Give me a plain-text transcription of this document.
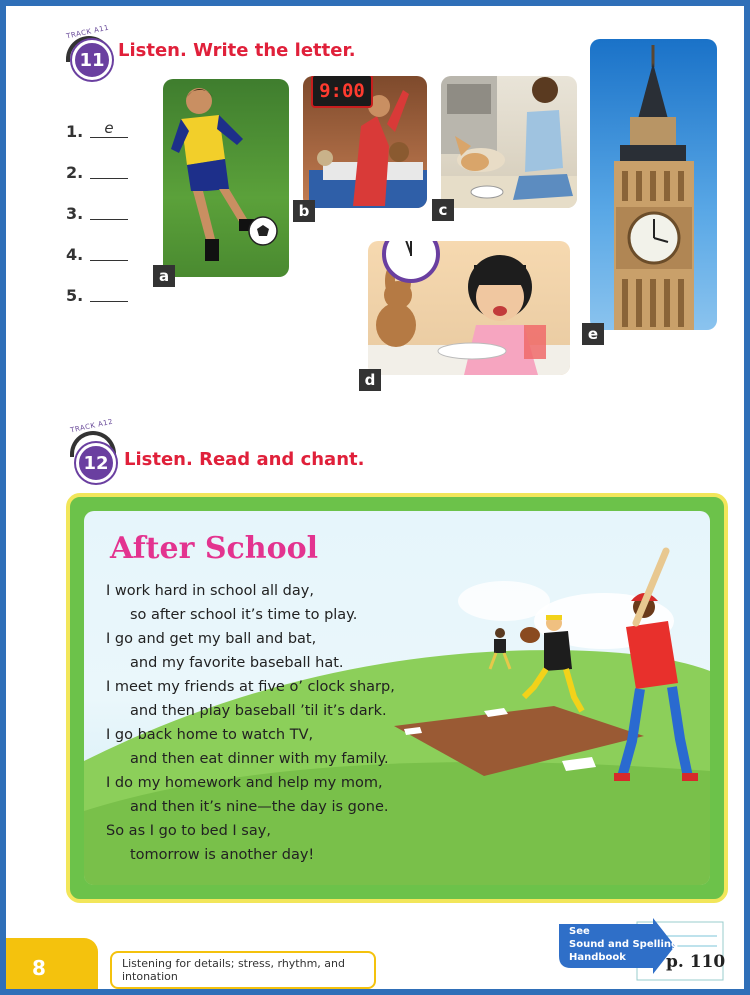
TRACK A11
11 Listen. Write the letter.
1.	e
2.
3.
4.
5.
a
9:00
b	c
e
d
TRACK A12
12 Listen. Read and chant.
After School
I work hard in school all day,
so after school it’s time to play.
I go and get my ball and bat,
and my favorite baseball hat.
I meet my friends at five o’ clock sharp,
and then play baseball ’til it’s dark.
I go back home to watch TV,
and then eat dinner with my family.
I do my homework and help my mom,
and then it’s nine—the day is gone.
So as I go to bed I say,
tomorrow is another day!
8	Listening for details; stress, rhythm, and intonation
See
Sound and Spelling
Handbook p. 110
